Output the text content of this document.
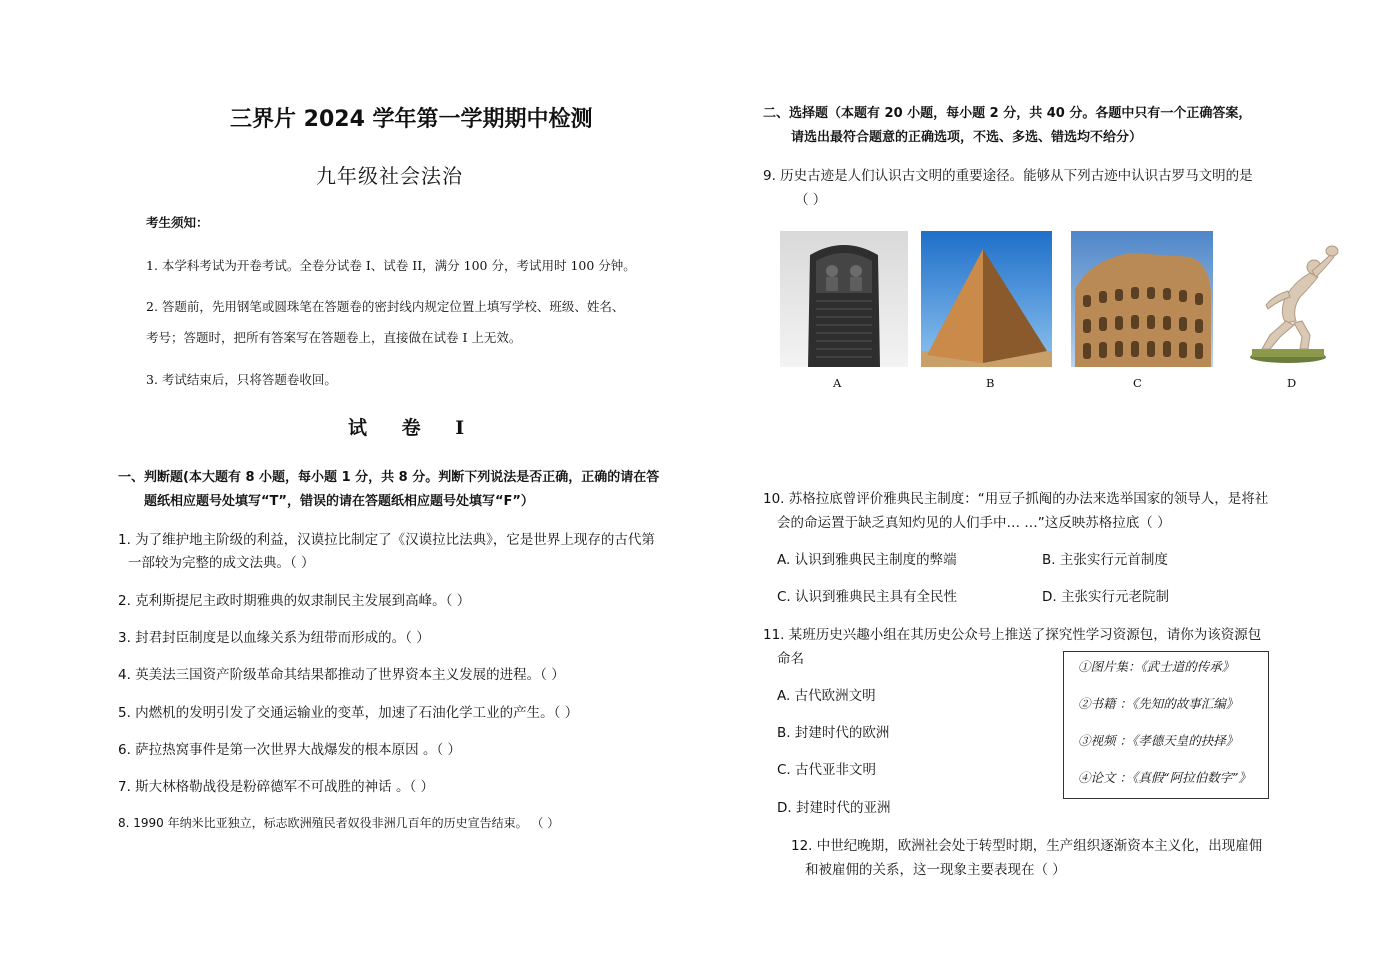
三界片 2024 学年第一学期期中检测
九年级社会法治
考生须知：
1. 本学科考试为开卷考试。全卷分试卷 I、试卷 II，满分 100 分，考试用时 100 分钟。
2. 答题前，先用钢笔或圆珠笔在答题卷的密封线内规定位置上填写学校、班级、姓名、
考号；答题时，把所有答案写在答题卷上，直接做在试卷 I 上无效。
3. 考试结束后，只将答题卷收回。
试 卷 Ⅰ
一、判断题(本大题有 8 小题，每小题 1 分，共 8 分。判断下列说法是否正确，正确的请在答
题纸相应题号处填写“T”，错误的请在答题纸相应题号处填写“F”）
1. 为了维护地主阶级的利益，汉谟拉比制定了《汉谟拉比法典》，它是世界上现存的古代第
一部较为完整的成文法典。（ ）
2. 克利斯提尼主政时期雅典的奴隶制民主发展到高峰。（ ）
3. 封君封臣制度是以血缘关系为纽带而形成的。（ ）
4. 英美法三国资产阶级革命其结果都推动了世界资本主义发展的进程。（ ）
5. 内燃机的发明引发了交通运输业的变革，加速了石油化学工业的产生。（ ）
6. 萨拉热窝事件是第一次世界大战爆发的根本原因 。（ ）
7. 斯大林格勒战役是粉碎德军不可战胜的神话 。（ ）
8. 1990 年纳米比亚独立，标志欧洲殖民者奴役非洲几百年的历史宣告结束。 （ ）
二、选择题（本题有 20 小题，每小题 2 分，共 40 分。各题中只有一个正确答案，
请选出最符合题意的正确选项，不选、多选、错选均不给分）
9. 历史古迹是人们认识古文明的重要途径。能够从下列古迹中认识古罗马文明的是
（ ）
A	B	C	D
10. 苏格拉底曾评价雅典民主制度：“用豆子抓阄的办法来选举国家的领导人，是将社
会的命运置于缺乏真知灼见的人们手中… …”这反映苏格拉底（ ）
A. 认识到雅典民主制度的弊端	B. 主张实行元首制度
C. 认识到雅典民主具有全民性	D. 主张实行元老院制
11. 某班历史兴趣小组在其历史公众号上推送了探究性学习资源包，请你为该资源包
命名
A. 古代欧洲文明
B. 封建时代的欧洲
C. 古代亚非文明
D. 封建时代的亚洲
①图片集：《武士道的传承》
②书籍 ：《先知的故事汇编》
③视频 ：《孝德天皇的抉择》
④论文 ：《真假“阿拉伯数字”》
12. 中世纪晚期，欧洲社会处于转型时期，生产组织逐渐资本主义化，出现雇佣
和被雇佣的关系，这一现象主要表现在（ ）
